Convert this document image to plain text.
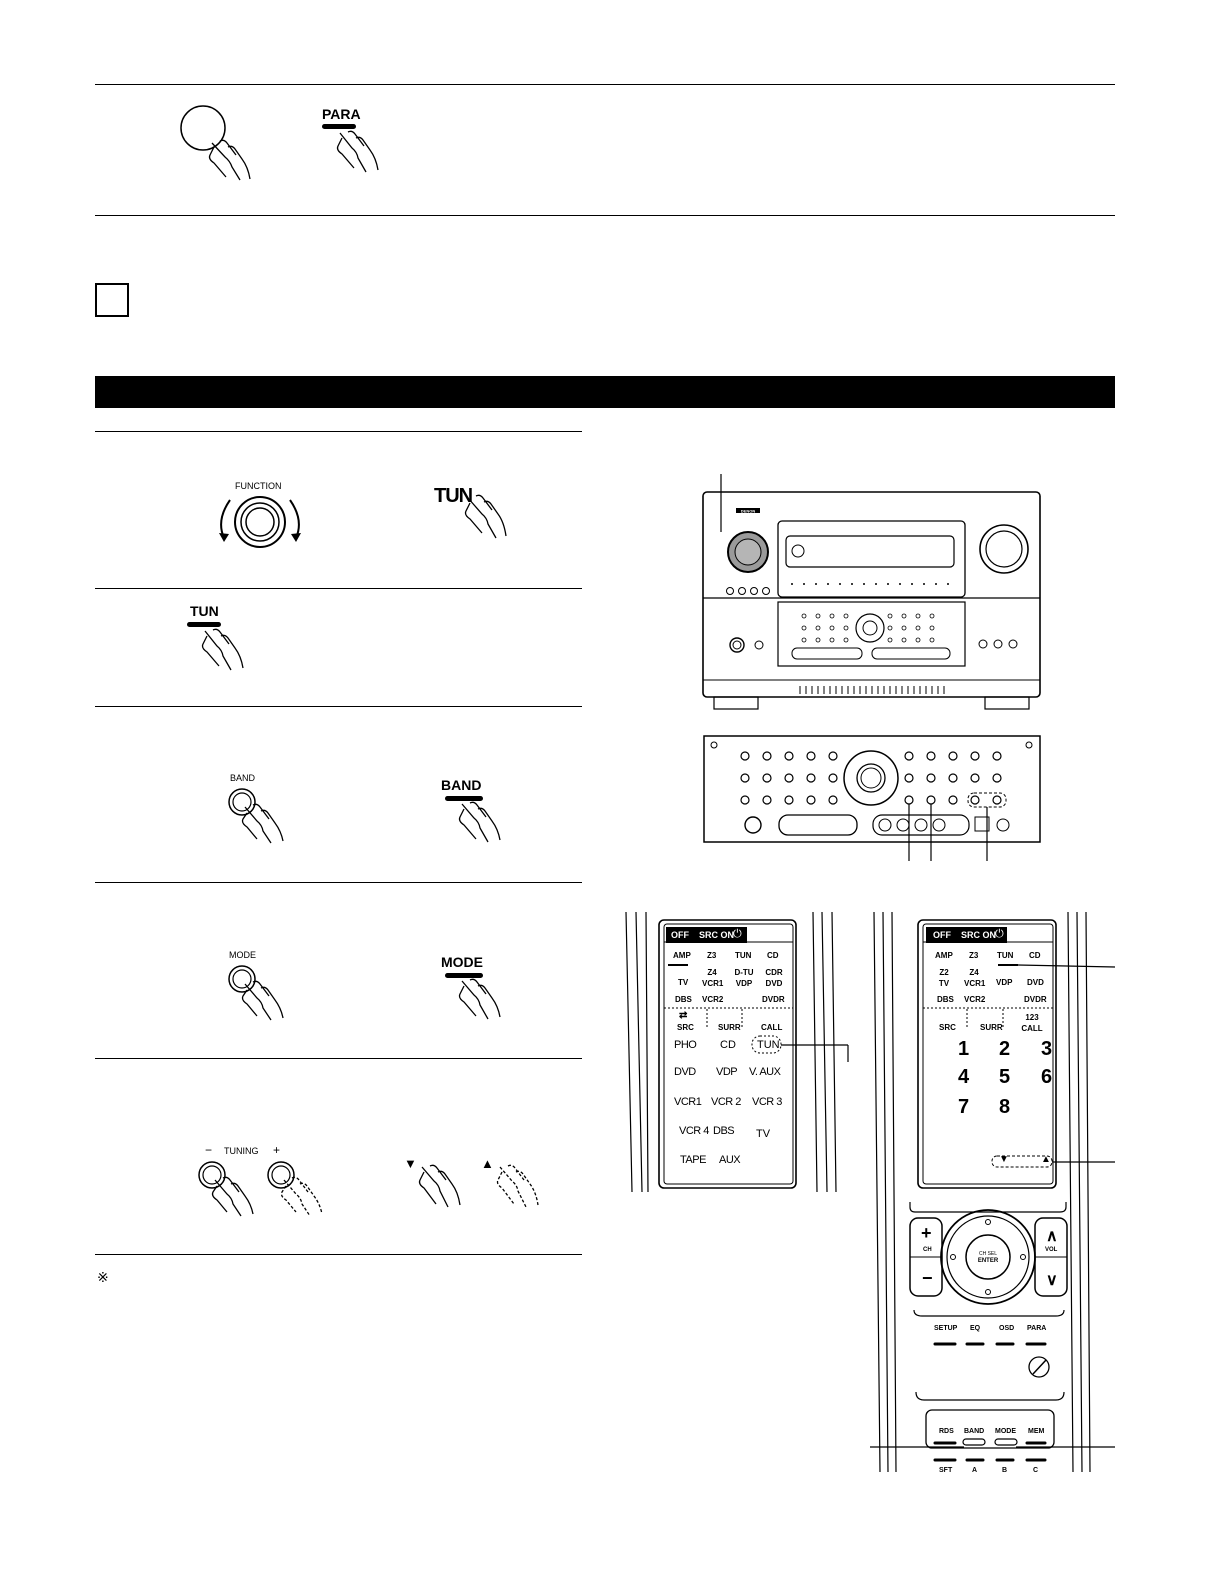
PARA
FUNCTION	TUN
TUN
BAND	BAND
MODE	MODE
− TUNING +
▼	▲
※
DENON
OFF SRC ON
⏻
AMP Z3 TUN CD
TV
Z4 VCR1
D-TU VDP
CDR DVD
DBS VCR2	DVDR
⇄
SRC	SURR	CALL
PHO CD TUN
DVD VDP V. AUX
VCR1 VCR 2 VCR 3
VCR 4 DBS TV
TAPE AUX
OFF SRC ON
⏻
AMP Z3 TUN CD
Z2 TV
Z4 VCR1 VDP DVD
DBS VCR2	DVDR
SRC	SURR
123 CALL
1 2 3
4 5 6
7 8
▼	▲
+
CH
−
∧
VOL
∨
CH SEL
ENTER
SETUP EQ	OSD PARA
RDS BAND MODE MEM
SFT	A	B	C
